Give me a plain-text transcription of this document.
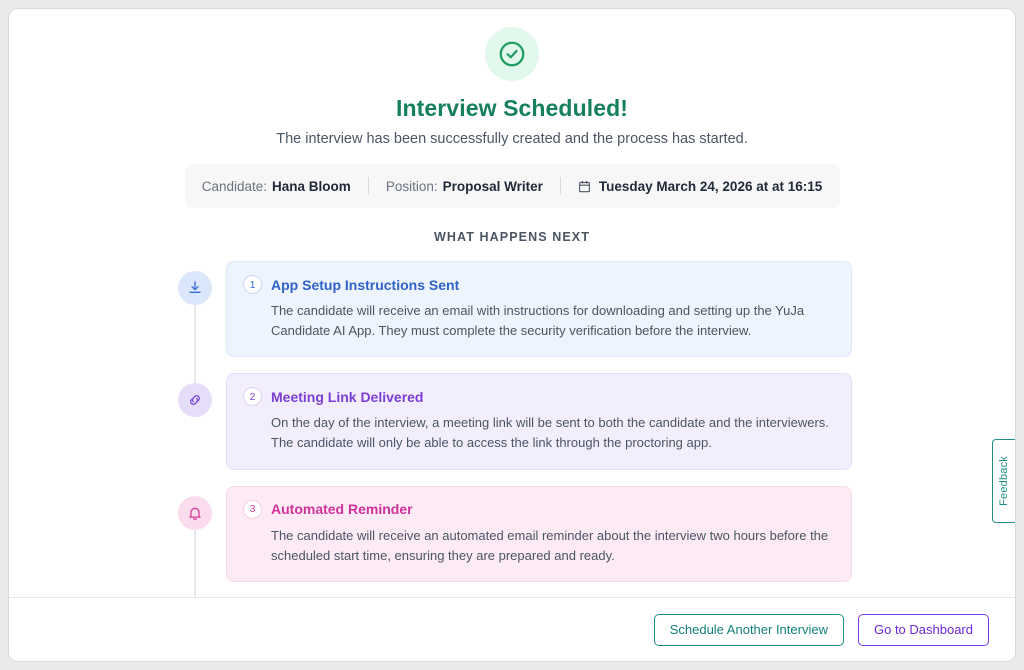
Interview Scheduled!

The interview has been successfully created and the process has started.

Candidate: Hana Bloom	Position: Proposal Writer	Tuesday March 24, 2026 at at 16:15
WHAT HAPPENS NEXT
1	App Setup Instructions Sent
The candidate will receive an email with instructions for downloading and setting up the YuJa Candidate AI App. They must complete the security verification before the interview.
2	Meeting Link Delivered
On the day of the interview, a meeting link will be sent to both the candidate and the interviewers. The candidate will only be able to access the link through the proctoring app.
3	Automated Reminder
The candidate will receive an automated email reminder about the interview two hours before the scheduled start time, ensuring they are prepared and ready.
Feedback
Schedule Another Interview	Go to Dashboard
